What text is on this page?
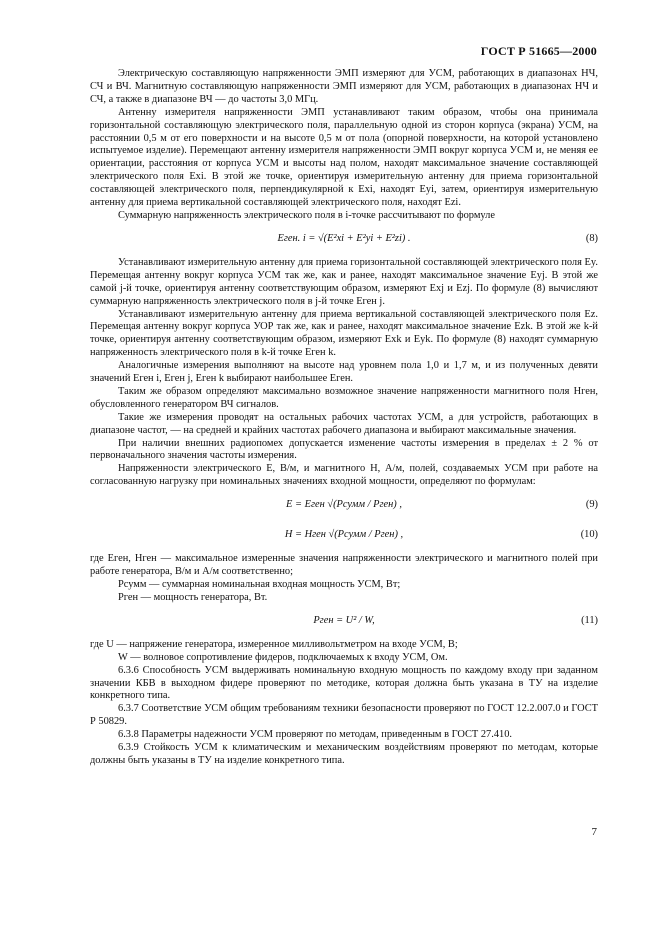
ГОСТ Р 51665—2000

Электрическую составляющую напряженности ЭМП измеряют для УСМ, работающих в диапазонах НЧ, СЧ и ВЧ. Магнитную составляющую напряженности ЭМП измеряют для УСМ, работающих в диапазонах НЧ и СЧ, а также в диапазоне ВЧ — до частоты 3,0 МГц.

Антенну измерителя напряженности ЭМП устанавливают таким образом, чтобы она принимала горизонтальной составляющую электрического поля, параллельную одной из сторон корпуса (экрана) УСМ, на расстоянии 0,5 м от его поверхности и на высоте 0,5 м от пола (опорной поверхности, на которой установлено испытуемое изделие). Перемещают антенну измерителя напряженности ЭМП вокруг корпуса УСМ и, не меняя ее ориентации, расстояния от корпуса УСМ и высоты над полом, находят максимальное значение составляющей электрического поля Exi. В этой же точке, ориентируя измерительную антенну для приема горизонтальной составляющей электрического поля, перпендикулярной к Exi, находят Eyi, затем, ориентируя измерительную антенну для приема вертикальной составляющей электрического поля, находят Ezi.

Суммарную напряженность электрического поля в i-точке рассчитывают по формуле

Eген. i = √(E²xi + E²yi + E²zi) .	(8)

Устанавливают измерительную антенну для приема горизонтальной составляющей электрического поля Ey. Перемещая антенну вокруг корпуса УСМ так же, как и ранее, находят максимальное значение Eyj. В этой же самой j-й точке, ориентируя антенну соответствующим образом, измеряют Exj и Ezj. По формуле (8) вычисляют суммарную напряженность электрического поля в j-й точке Eген j.

Устанавливают измерительную антенну для приема вертикальной составляющей электрического поля Ez. Перемещая антенну вокруг корпуса УОР так же, как и ранее, находят максимальное значение Ezk. В этой же k-й точке, ориентируя антенну соответствующим образом, измеряют Exk и Eyk. По формуле (8) находят суммарную напряженность электрического поля в k-й точке Eген k.

Аналогичные измерения выполняют на высоте над уровнем пола 1,0 и 1,7 м, и из полученных девяти значений Eген i, Eген j, Eген k выбирают наибольшее Eген.

Таким же образом определяют максимально возможное значение напряженности магнитного поля Hген, обусловленного генератором ВЧ сигналов.

Такие же измерения проводят на остальных рабочих частотах УСМ, а для устройств, работающих в диапазоне частот, — на средней и крайних частотах рабочего диапазона и выбирают максимальные значения.

При наличии внешних радиопомех допускается изменение частоты измерения в пределах ± 2 % от первоначального значения частоты измерения.

Напряженности электрического E, В/м, и магнитного H, А/м, полей, создаваемых УСМ при работе на согласованную нагрузку при номинальных значениях входной мощности, определяют по формулам:

E = Eген √(Pсумм / Pген) ,	(9)
H = Hген √(Pсумм / Pген) ,	(10)

где Eген, Hген — максимальное измеренные значения напряженности электрического и магнитного полей при работе генератора, В/м и А/м соответственно;

Pсумм — суммарная номинальная входная мощность УСМ, Вт;

Pген — мощность генератора, Вт.

Pген = U² / W,	(11)

где U — напряжение генератора, измеренное милливольтметром на входе УСМ, В;

W — волновое сопротивление фидеров, подключаемых к входу УСМ, Ом.

6.3.6 Способность УСМ выдерживать номинальную входную мощность по каждому входу при заданном значении КБВ в выходном фидере проверяют по методике, которая должна быть указана в ТУ на изделие конкретного типа.

6.3.7 Соответствие УСМ общим требованиям техники безопасности проверяют по ГОСТ 12.2.007.0 и ГОСТ Р 50829.

6.3.8 Параметры надежности УСМ проверяют по методам, приведенным в ГОСТ 27.410.

6.3.9 Стойкость УСМ к климатическим и механическим воздействиям проверяют по методам, которые должны быть указаны в ТУ на изделие конкретного типа.

7
